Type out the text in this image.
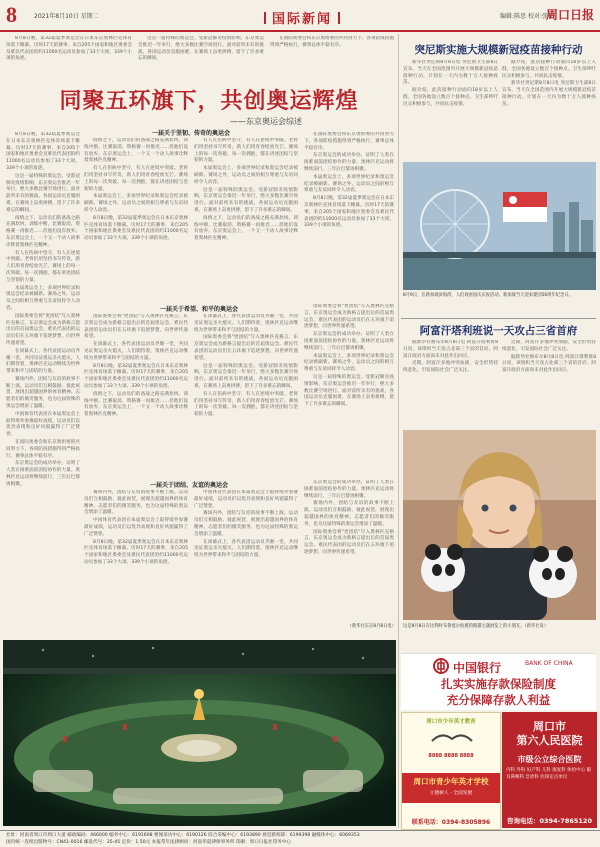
8	2021年8月10日 星期二	国际新闻	编辑:陈思 校对:张伟
周口日报

8月8日晚，第32届夏季奥运会在日本东京奥林匹克体育场落下帷幕。历时17天的赛事，来自205个国家和地区奥委会及难民代表团的约11000名运动员参加了33个大项、339个小项的角逐。

这是一届特殊的奥运会。受新冠肺炎疫情影响，东京奥运会推迟一年举行，绝大多数比赛空场进行。面对前所未有的挑战，各国运动员克服困难，在赛场上奋勇拼搏，留下了许多难忘的瞬间。

在国际奥委会和东京奥组委的共同努力下，各项防疫措施得到严格执行，赛事总体平稳有序。

同聚五环旗下，共创奥运辉煌
——东京奥运会综述

8月8日晚，第32届夏季奥运会在日本东京奥林匹克体育场落下帷幕。历时17天的赛事，来自205个国家和地区奥委会及难民代表团的约11000名运动员参加了33个大项、339个小项的角逐。

这是一届特殊的奥运会。受新冠肺炎疫情影响，东京奥运会推迟一年举行，绝大多数比赛空场进行。面对前所未有的挑战，各国运动员克服困难，在赛场上奋勇拼搏，留下了许多难忘的瞬间。

疫情之下，运动员们的备战之路充满坎坷。训练中断、比赛取消、资格赛一再推迟……但他们没有放弃。东京奥运会上，一个又一个动人故事诠释着奥林匹克精神。

有人在伤病中坚守，有人在逆境中突破。老将们用坚持书写传奇，新人们用青春绽放光芒。赛场上的每一次突破、每一次拥抱，都在讲述团结与坚韧的力量。

本届奥运会上，多项世界纪录和奥运会纪录被刷新。赛场之外，运动员之间的相互尊重与友谊同样令人动容。

国际奥委会将"更团结"写入奥林匹克格言，东京奥运会成为新格言提出后的首届奥运会。难民代表团的运动员们在五环旗下追逐梦想，向世界传递希望。

在闭幕式上，各代表团运动员齐聚一堂，共同见证奥运圣火熄灭。人们期待着，奥林匹克运动继续为世界带来和平与团结的力量。

赛场内外，团结与友谊的故事不断上演。运动员们互相鼓励、彼此祝贺，展现出超越国界的体育精神。志愿者们的微笑服务，也为这届特殊的奥运会增添了温暖。

中国体育代表团在本届奥运会上取得境外参赛最好成绩，运动员们以优异表现和良好风貌赢得了广泛赞誉。

在国际奥委会和东京奥组委的共同努力下，各项防疫措施得到严格执行，赛事总体平稳有序。

东京奥运会的成功举办，证明了人类在困难面前团结协作的力量。奥林匹克运动将继续前行，三年后巴黎再相聚。

一届关于坚韧、传奇的奥运会

疫情之下，运动员们的备战之路充满坎坷。训练中断、比赛取消、资格赛一再推迟……但他们没有放弃。东京奥运会上，一个又一个动人故事诠释着奥林匹克精神。

有人在伤病中坚守，有人在逆境中突破。老将们用坚持书写传奇，新人们用青春绽放光芒。赛场上的每一次突破、每一次拥抱，都在讲述团结与坚韧的力量。

本届奥运会上，多项世界纪录和奥运会纪录被刷新。赛场之外，运动员之间的相互尊重与友谊同样令人动容。

8月8日晚，第32届夏季奥运会在日本东京奥林匹克体育场落下帷幕。历时17天的赛事，来自205个国家和地区奥委会及难民代表团的约11000名运动员参加了33个大项、339个小项的角逐。

有人在伤病中坚守，有人在逆境中突破。老将们用坚持书写传奇，新人们用青春绽放光芒。赛场上的每一次突破、每一次拥抱，都在讲述团结与坚韧的力量。

本届奥运会上，多项世界纪录和奥运会纪录被刷新。赛场之外，运动员之间的相互尊重与友谊同样令人动容。

这是一届特殊的奥运会。受新冠肺炎疫情影响，东京奥运会推迟一年举行，绝大多数比赛空场进行。面对前所未有的挑战，各国运动员克服困难，在赛场上奋勇拼搏，留下了许多难忘的瞬间。

疫情之下，运动员们的备战之路充满坎坷。训练中断、比赛取消、资格赛一再推迟……但他们没有放弃。东京奥运会上，一个又一个动人故事诠释着奥林匹克精神。

在国际奥委会和东京奥组委的共同努力下，各项防疫措施得到严格执行，赛事总体平稳有序。

东京奥运会的成功举办，证明了人类在困难面前团结协作的力量。奥林匹克运动将继续前行，三年后巴黎再相聚。

本届奥运会上，多项世界纪录和奥运会纪录被刷新。赛场之外，运动员之间的相互尊重与友谊同样令人动容。

8月8日晚，第32届夏季奥运会在日本东京奥林匹克体育场落下帷幕。历时17天的赛事，来自205个国家和地区奥委会及难民代表团的约11000名运动员参加了33个大项、339个小项的角逐。

一届关于希望、和平的奥运会

国际奥委会将"更团结"写入奥林匹克格言，东京奥运会成为新格言提出后的首届奥运会。难民代表团的运动员们在五环旗下追逐梦想，向世界传递希望。

在闭幕式上，各代表团运动员齐聚一堂，共同见证奥运圣火熄灭。人们期待着，奥林匹克运动继续为世界带来和平与团结的力量。

8月8日晚，第32届夏季奥运会在日本东京奥林匹克体育场落下帷幕。历时17天的赛事，来自205个国家和地区奥委会及难民代表团的约11000名运动员参加了33个大项、339个小项的角逐。

疫情之下，运动员们的备战之路充满坎坷。训练中断、比赛取消、资格赛一再推迟……但他们没有放弃。东京奥运会上，一个又一个动人故事诠释着奥林匹克精神。

在闭幕式上，各代表团运动员齐聚一堂，共同见证奥运圣火熄灭。人们期待着，奥林匹克运动继续为世界带来和平与团结的力量。

国际奥委会将"更团结"写入奥林匹克格言，东京奥运会成为新格言提出后的首届奥运会。难民代表团的运动员们在五环旗下追逐梦想，向世界传递希望。

这是一届特殊的奥运会。受新冠肺炎疫情影响，东京奥运会推迟一年举行，绝大多数比赛空场进行。面对前所未有的挑战，各国运动员克服困难，在赛场上奋勇拼搏，留下了许多难忘的瞬间。

有人在伤病中坚守，有人在逆境中突破。老将们用坚持书写传奇，新人们用青春绽放光芒。赛场上的每一次突破、每一次拥抱，都在讲述团结与坚韧的力量。

国际奥委会将"更团结"写入奥林匹克格言，东京奥运会成为新格言提出后的首届奥运会。难民代表团的运动员们在五环旗下追逐梦想，向世界传递希望。

东京奥运会的成功举办，证明了人类在困难面前团结协作的力量。奥林匹克运动将继续前行，三年后巴黎再相聚。

本届奥运会上，多项世界纪录和奥运会纪录被刷新。赛场之外，运动员之间的相互尊重与友谊同样令人动容。

这是一届特殊的奥运会。受新冠肺炎疫情影响，东京奥运会推迟一年举行，绝大多数比赛空场进行。面对前所未有的挑战，各国运动员克服困难，在赛场上奋勇拼搏，留下了许多难忘的瞬间。

一届关于团结、友谊的奥运会

赛场内外，团结与友谊的故事不断上演。运动员们互相鼓励、彼此祝贺，展现出超越国界的体育精神。志愿者们的微笑服务，也为这届特殊的奥运会增添了温暖。

中国体育代表团在本届奥运会上取得境外参赛最好成绩，运动员们以优异表现和良好风貌赢得了广泛赞誉。

8月8日晚，第32届夏季奥运会在日本东京奥林匹克体育场落下帷幕。历时17天的赛事，来自205个国家和地区奥委会及难民代表团的约11000名运动员参加了33个大项、339个小项的角逐。

中国体育代表团在本届奥运会上取得境外参赛最好成绩，运动员们以优异表现和良好风貌赢得了广泛赞誉。

赛场内外，团结与友谊的故事不断上演。运动员们互相鼓励、彼此祝贺，展现出超越国界的体育精神。志愿者们的微笑服务，也为这届特殊的奥运会增添了温暖。

在闭幕式上，各代表团运动员齐聚一堂，共同见证奥运圣火熄灭。人们期待着，奥林匹克运动继续为世界带来和平与团结的力量。

东京奥运会的成功举办，证明了人类在困难面前团结协作的力量。奥林匹克运动将继续前行，三年后巴黎再相聚。

赛场内外，团结与友谊的故事不断上演。运动员们互相鼓励、彼此祝贺，展现出超越国界的体育精神。志愿者们的微笑服务，也为这届特殊的奥运会增添了温暖。

国际奥委会将"更团结"写入奥林匹克格言，东京奥运会成为新格言提出后的首届奥运会。难民代表团的运动员们在五环旗下追逐梦想，向世界传递希望。

（新华社东京8月8日电）
突尼斯实施大规模新冠疫苗接种行动

新华社突尼斯8月8日电 突尼斯卫生部8日宣布，当天在全国范围内开展大规模新冠疫苗接种行动，计划在一天内为数十万人接种疫苗。

据介绍，此次接种行动面向18岁以上人群，全国各地设立数百个接种点。卫生部呼吁民众积极参与，共同抗击疫情。

据介绍，此次接种行动面向18岁以上人群，全国各地设立数百个接种点。卫生部呼吁民众积极参与，共同抗击疫情。

新华社突尼斯8月8日电 突尼斯卫生部8日宣布，当天在全国范围内开展大规模新冠疫苗接种行动，计划在一天内为数十万人接种疫苗。

8月9日，在新加坡滨海湾，人们观看国庆庆祝活动。新加坡当天迎来建国56周年纪念日。
阿富汗塔利班说一天攻占三省首府

据新华社喀布尔8月8日电 阿富汗塔利班8日说，该组织当天攻占北部三个省的首府。阿富汗政府方面尚未对此作出回应。

近期，阿富汗多地冲突加剧，安全形势持续恶化，引发国际社会广泛关注。

近期，阿富汗多地冲突加剧，安全形势持续恶化，引发国际社会广泛关注。

据新华社喀布尔8月8日电 阿富汗塔利班8日说，该组织当天攻占北部三个省的首府。阿富汗政府方面尚未对此作出回应。

这是8月8日在比利时布鲁塞尔拍摄的熊猫主题展览上的小朋友。（新华社发）
中国银行	BANK OF CHINA
扎实实施存款保险制度
充分保障存款人利益
周口市少年英才教育
8888 8888 8888
周口市青少年英才学校
立德树人 · 全面发展
联系电话：0394-8305896
周口市
第六人民医院
市级公立综合医院
内科 外科 妇产科 儿科 康复科 体检中心 眼耳鼻喉科 急诊科 医保定点单位
咨询电话：0394-7865120
社址：河南省周口市周口大道 邮政编码：466000 编务中心：6191698 要闻采访中心：6190126 综合采编中心：6193890 视觉新闻部：6199398 融媒体中心：6069353
国内统一连续出版物号：CN41-0016 邮发代号：35-45 定价：1.50元 本报常年法律顾问：河南华夏律师事务所 印刷：周口日报社印务中心
